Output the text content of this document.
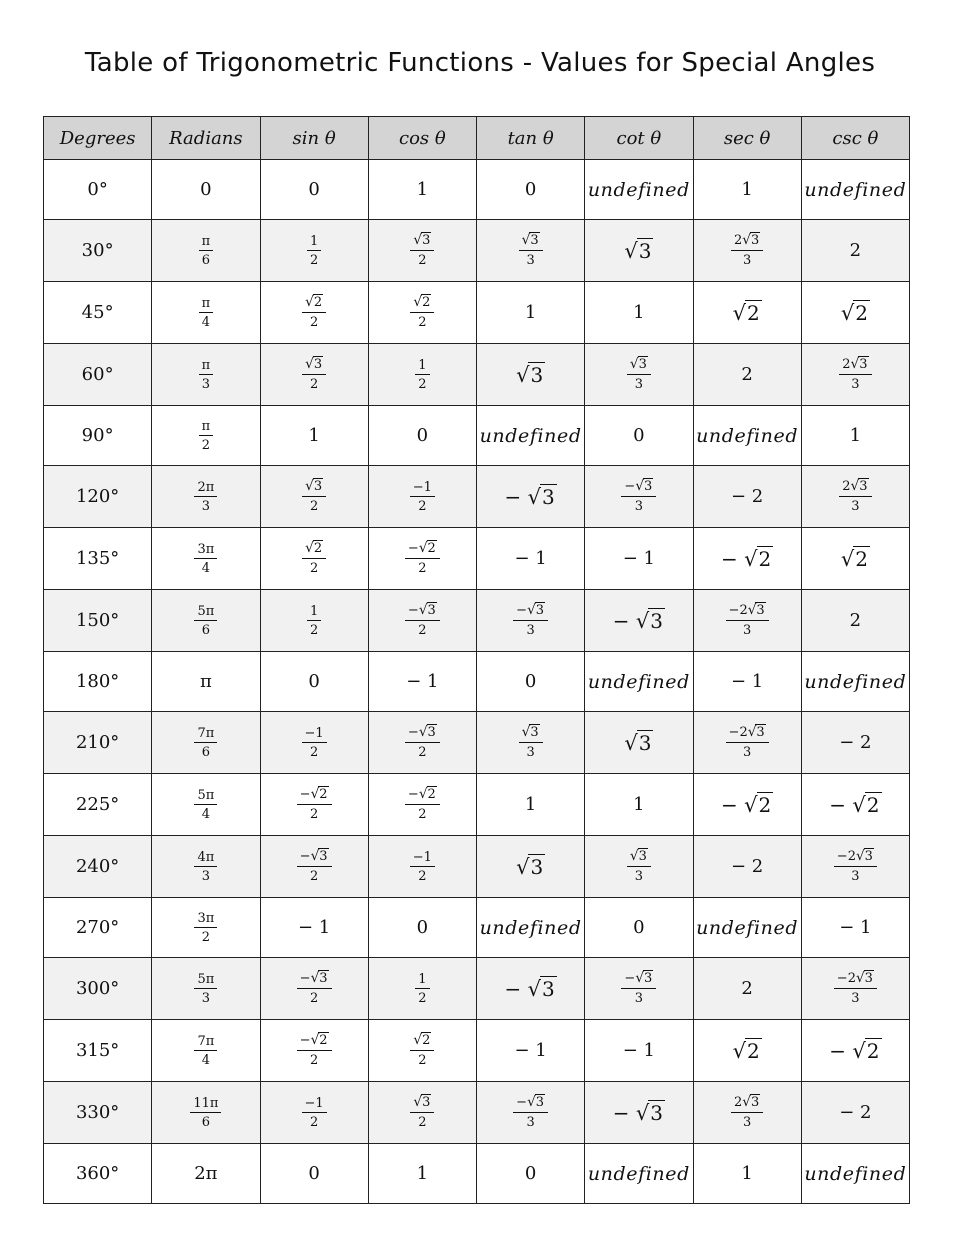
Table of Trigonometric Functions - Values for Special Angles
Degrees	Radians	sin θ	cos θ	tan θ	cot θ	sec θ	csc θ
0°	0	0	1	0	undefined	1	undefined
30°	$\frac{\pi}{6}$	$\frac{1}{2}$	$\frac{√3}{2}$	$\frac{√3}{3}$	√3	$\frac{2√3}{3}$	2
45°	$\frac{\pi}{4}$	$\frac{√2}{2}$	$\frac{√2}{2}$	1	1	√2	√2
60°	$\frac{\pi}{3}$	$\frac{√3}{2}$	$\frac{1}{2}$	√3	$\frac{√3}{3}$	2	$\frac{2√3}{3}$

90°	$\frac{\pi}{2}$	1	0	undefined	0	undefined	1
120°	$\frac{2\pi}{3}$	$\frac{√3}{2}$	$\frac{-1}{2}$	− √3	$\frac{-√3}{3}$	− 2	$\frac{2√3}{3}$

135°	$\frac{3\pi}{4}$	$\frac{√2}{2}$	$\frac{-√2}{2}$	− 1	− 1	− √2	√2
150°	$\frac{5\pi}{6}$	$\frac{1}{2}$	$\frac{-√3}{2}$	$\frac{-√3}{3}$	− √3	$\frac{-2√3}{3}$	2
180°	π	0	− 1	0	undefined	− 1	undefined
210°	$\frac{7\pi}{6}$	$\frac{-1}{2}$	$\frac{-√3}{2}$	$\frac{√3}{3}$	√3	$\frac{-2√3}{3}$	− 2
225°	$\frac{5\pi}{4}$	$\frac{-√2}{2}$	$\frac{-√2}{2}$	1	1	− √2	− √2
240°	$\frac{4\pi}{3}$	$\frac{-√3}{2}$	$\frac{-1}{2}$	√3	$\frac{√3}{3}$	− 2	$\frac{-2√3}{3}$

270°	$\frac{3\pi}{2}$	− 1	0	undefined	0	undefined	− 1
300°	$\frac{5\pi}{3}$	$\frac{-√3}{2}$	$\frac{1}{2}$	− √3	$\frac{-√3}{3}$	2	$\frac{-2√3}{3}$

315°	$\frac{7\pi}{4}$	$\frac{-√2}{2}$	$\frac{√2}{2}$	− 1	− 1	√2	− √2
330°	$\frac{11\pi}{6}$	$\frac{-1}{2}$	$\frac{√3}{2}$	$\frac{-√3}{3}$	− √3	$\frac{2√3}{3}$	− 2
360°	2π	0	1	0	undefined	1	undefined
